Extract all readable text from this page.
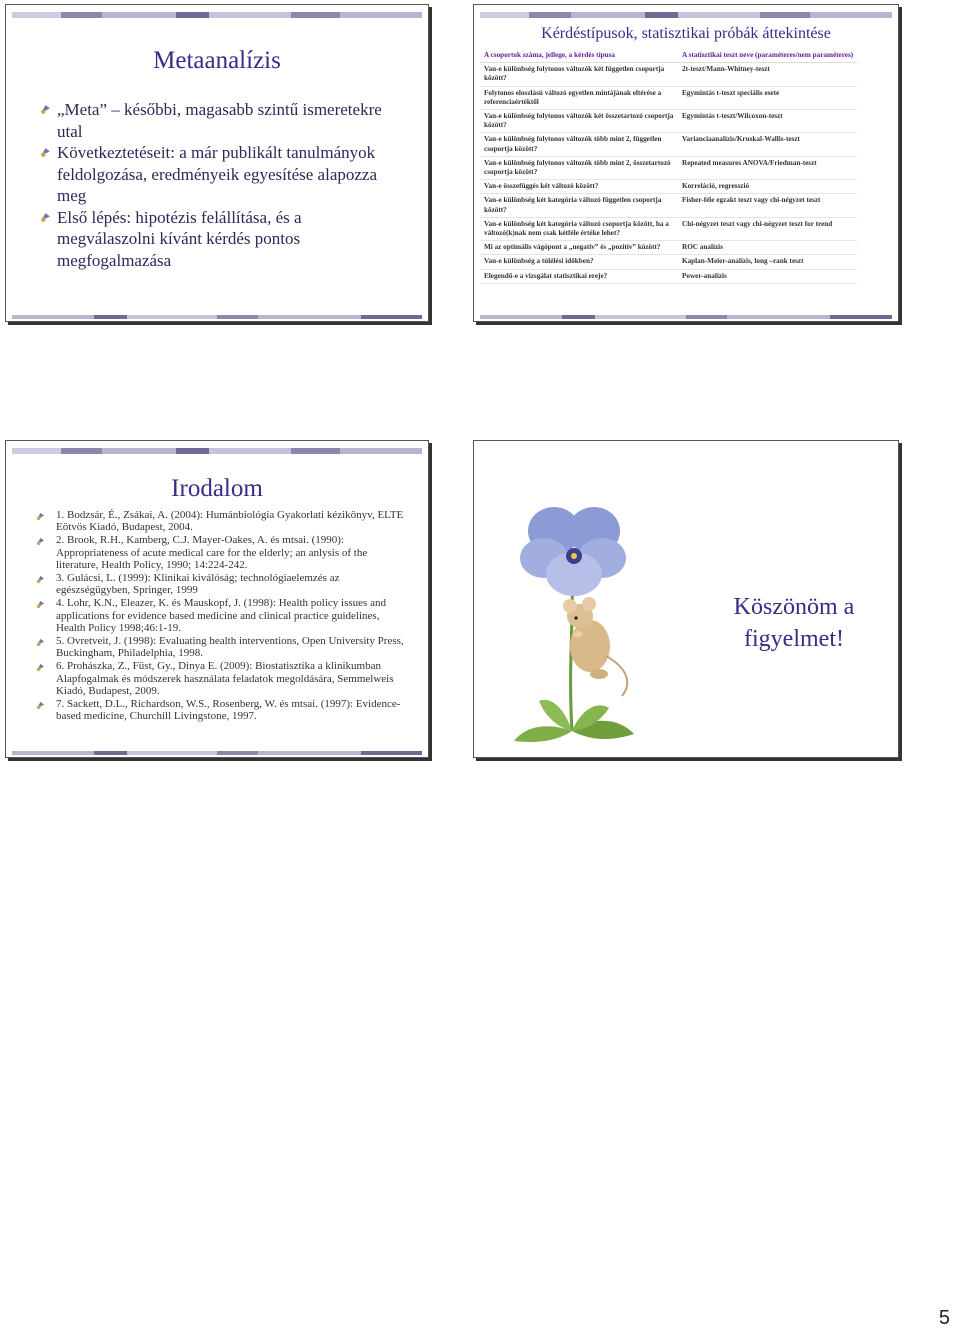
Metaanalízis
„Meta” – későbbi, magasabb szintű ismeretekre utal
Következtetéseit: a már publikált tanulmányok feldolgozása, eredményeik egyesítése alapozza meg
Első lépés: hipotézis felállítása, és a megválaszolni kívánt kérdés pontos megfogalmazása
Kérdéstípusok, statisztikai próbák áttekintése
A csoportok száma, jellege, a kérdés típusa	A statisztikai teszt neve (paraméteres/nem paraméteres)
Van-e különbség folytonos változók két független csoportja között?	2t-teszt/Mann-Whitney-teszt
Folytonos eloszlású változó egyetlen mintájának eltérése a referenciaértéktől	Egymintás t-teszt speciális esete
Van-e különbség folytonos változók két összetartozó csoportja között?	Egymintás t-teszt/Wilcoxon-teszt
Van-e különbség folytonos változók több mint 2, független csoportja között?	Varianciaanalízis/Kruskal-Wallis-teszt
Van-e különbség folytonos változók több mint 2, összetartozó csoportja között?	Repeated measures ANOVA/Friedman-teszt
Van-e összefüggés két változó között?	Korreláció, regresszió
Van-e különbség két kategória változó független csoportja között?	Fisher-féle egzakt teszt vagy chi-négyzet teszt
Van-e különbség két kategória változó csoportja között, ha a változó(k)nak nem csak kétféle értéke lehet?	Chi-négyzet teszt vagy chi-négyzet teszt for trend
Mi az optimális vágópont a „negatív” és „pozitív” között?	ROC analízis
Van-e különbség a túlélési időkben?	Kaplan-Meier-analízis, long –rank teszt
Elegendő-e a vizsgálat statisztikai ereje?	Power-analízis
Irodalom
1. Bodzsár, É., Zsákai, A. (2004): Humánbiológia Gyakorlati kézikönyv, ELTE Eötvös Kiadó, Budapest, 2004.
2. Brook, R.H., Kamberg, C.J. Mayer-Oakes, A. és mtsai. (1990): Appropriateness of acute medical care for the elderly; an anlysis of the literature, Health Policy, 1990; 14:224-242.
3. Gulácsi, L. (1999): Klinikai kiválóság; technológiaelemzés az egészségügyben, Springer, 1999
4. Lohr, K.N., Eleazer, K. és Mauskopf, J. (1998): Health policy issues and applications for evidence based medicine and clinical practice guidelines, Health Policy 1998;46:1-19.
5. Ovretveit, J. (1998): Evaluating health interventions, Open University Press, Buckingham, Philadelphia, 1998.
6. Prohászka, Z., Füst, Gy., Dinya E. (2009): Biostatisztika a klinikumban Alapfogalmak és módszerek használata feladatok megoldására, Semmelweis Kiadó, Budapest, 2009.
7. Sackett, D.L., Richardson, W.S., Rosenberg, W. és mtsai. (1997): Evidence-based medicine, Churchill Livingstone, 1997.
Köszönöm a figyelmet!
5
